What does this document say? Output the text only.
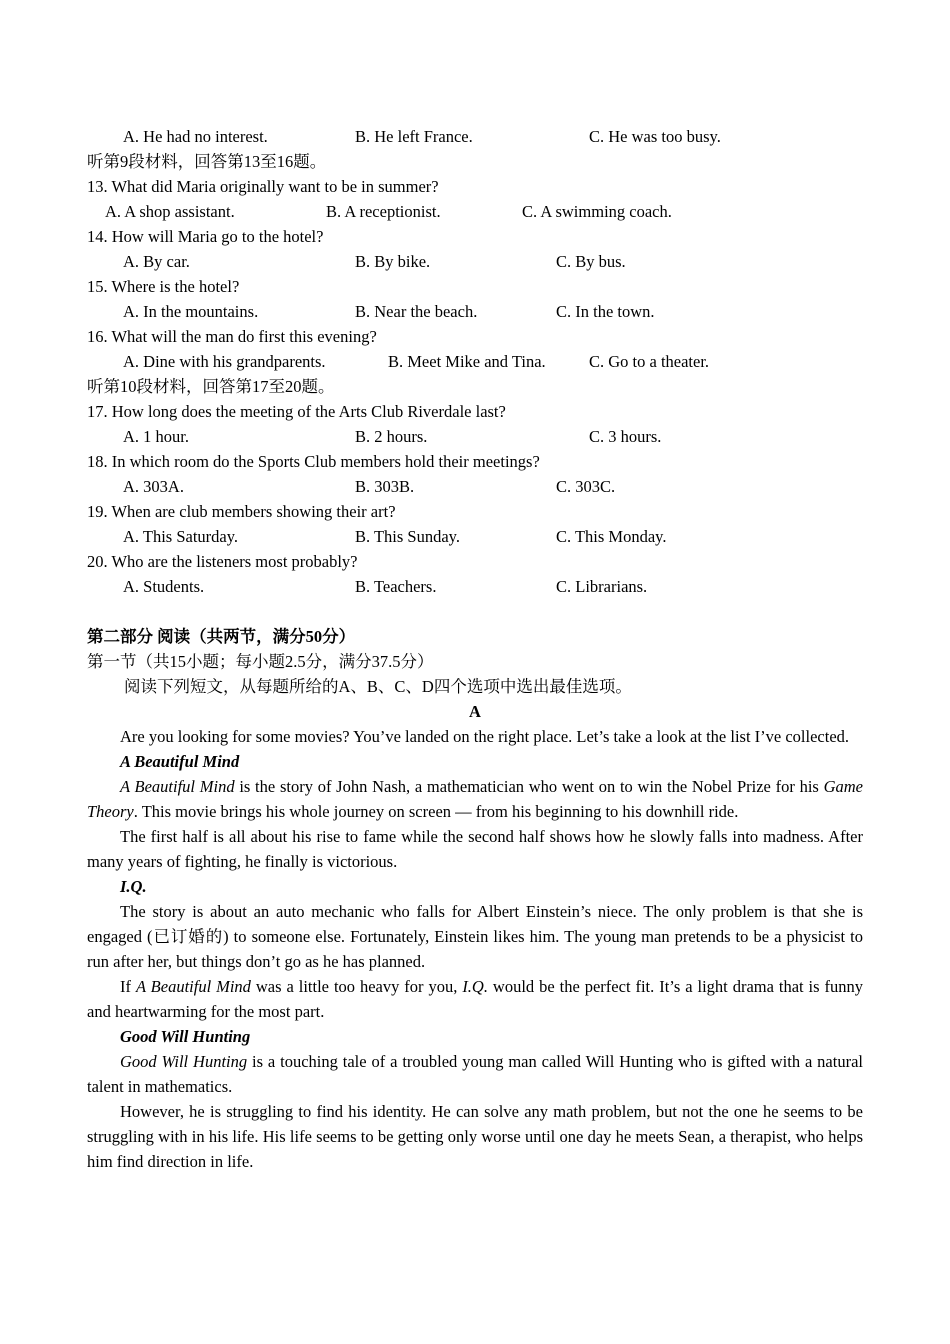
A. He had no interest.	B. He left France.	C. He was too busy.
听第9段材料，回答第13至16题。
13. What did Maria originally want to be in summer?
A. A shop assistant.	B. A receptionist.	C. A swimming coach.
14. How will Maria go to the hotel?
A. By car.	B. By bike.	C. By bus.
15. Where is the hotel?
A. In the mountains.	B. Near the beach.	C. In the town.
16. What will the man do first this evening?
A. Dine with his grandparents.	B. Meet Mike and Tina.	C. Go to a theater.
听第10段材料，回答第17至20题。
17. How long does the meeting of the Arts Club Riverdale last?
A. 1 hour.	B. 2 hours.	C. 3 hours.
18. In which room do the Sports Club members hold their meetings?
A. 303A.	B. 303B.	C. 303C.
19. When are club members showing their art?
A. This Saturday.	B. This Sunday.	C. This Monday.
20. Who are the listeners most probably?
A. Students.	B. Teachers.	C. Librarians.
第二部分 阅读（共两节，满分50分）
第一节（共15小题；每小题2.5分，满分37.5分）
阅读下列短文，从每题所给的A、B、C、D四个选项中选出最佳选项。
A

Are you looking for some movies? You’ve landed on the right place. Let’s take a look at the list I’ve collected.

A Beautiful Mind

A Beautiful Mind is the story of John Nash, a mathematician who went on to win the Nobel Prize for his Game Theory. This movie brings his whole journey on screen — from his beginning to his downhill ride.

The first half is all about his rise to fame while the second half shows how he slowly falls into madness. After many years of fighting, he finally is victorious.

I.Q.

The story is about an auto mechanic who falls for Albert Einstein’s niece. The only problem is that she is engaged (已订婚的) to someone else. Fortunately, Einstein likes him. The young man pretends to be a physicist to run after her, but things don’t go as he has planned.

If A Beautiful Mind was a little too heavy for you, I.Q. would be the perfect fit. It’s a light drama that is funny and heartwarming for the most part.

Good Will Hunting

Good Will Hunting is a touching tale of a troubled young man called Will Hunting who is gifted with a natural talent in mathematics.

However, he is struggling to find his identity. He can solve any math problem, but not the one he seems to be struggling with in his life. His life seems to be getting only worse until one day he meets Sean, a therapist, who helps him find direction in life.
